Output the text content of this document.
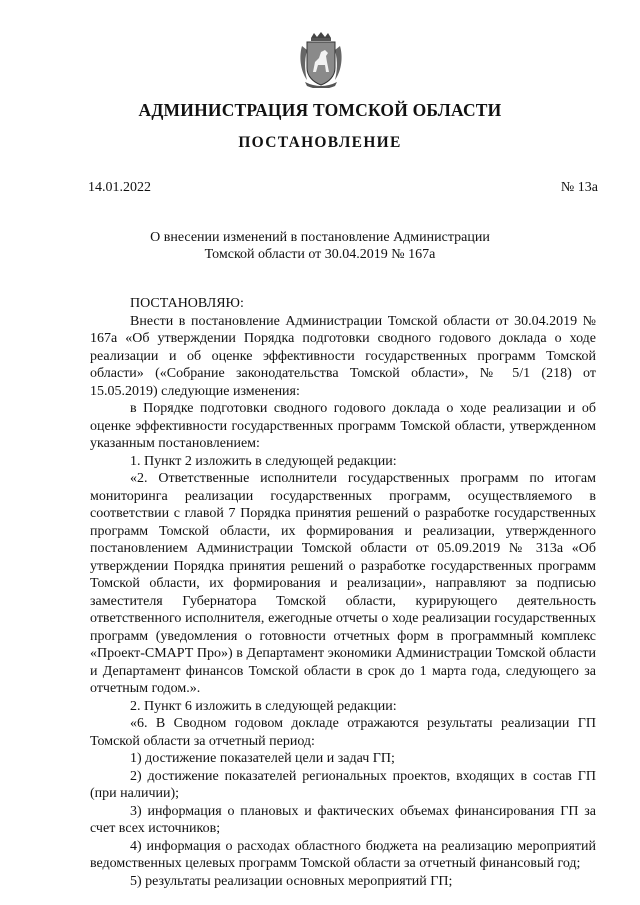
АДМИНИСТРАЦИЯ ТОМСКОЙ ОБЛАСТИ
ПОСТАНОВЛЕНИЕ
14.01.2022	№ 13а
О внесении изменений в постановление Администрации
Томской области от 30.04.2019 № 167а

ПОСТАНОВЛЯЮ:

Внести в постановление Администрации Томской области от 30.04.2019 № 167а «Об утверждении Порядка подготовки сводного годового доклада о ходе реализации и об оценке эффективности государственных программ Томской области» («Собрание законодательства Томской области», № 5/1 (218) от 15.05.2019) следующие изменения:

в Порядке подготовки сводного годового доклада о ходе реализации и об оценке эффективности государственных программ Томской области, утвержденном указанным постановлением:

1. Пункт 2 изложить в следующей редакции:

«2. Ответственные исполнители государственных программ по итогам мониторинга реализации государственных программ, осуществляемого в соответствии с главой 7 Порядка принятия решений о разработке государственных программ Томской области, их формирования и реализации, утвержденного постановлением Администрации Томской области от 05.09.2019 № 313а «Об утверждении Порядка принятия решений о разработке государственных программ Томской области, их формирования и реализации», направляют за подписью заместителя Губернатора Томской области, курирующего деятельность ответственного исполнителя, ежегодные отчеты о ходе реализации государственных программ (уведомления о готовности отчетных форм в программный комплекс «Проект-СМАРТ Про») в Департамент экономики Администрации Томской области и Департамент финансов Томской области в срок до 1 марта года, следующего за отчетным годом.».

2. Пункт 6 изложить в следующей редакции:

«6. В Сводном годовом докладе отражаются результаты реализации ГП Томской области за отчетный период:

1) достижение показателей цели и задач ГП;

2) достижение показателей региональных проектов, входящих в состав ГП (при наличии);

3) информация о плановых и фактических объемах финансирования ГП за счет всех источников;

4) информация о расходах областного бюджета на реализацию мероприятий ведомственных целевых программ Томской области за отчетный финансовый год;

5) результаты реализации основных мероприятий ГП;
